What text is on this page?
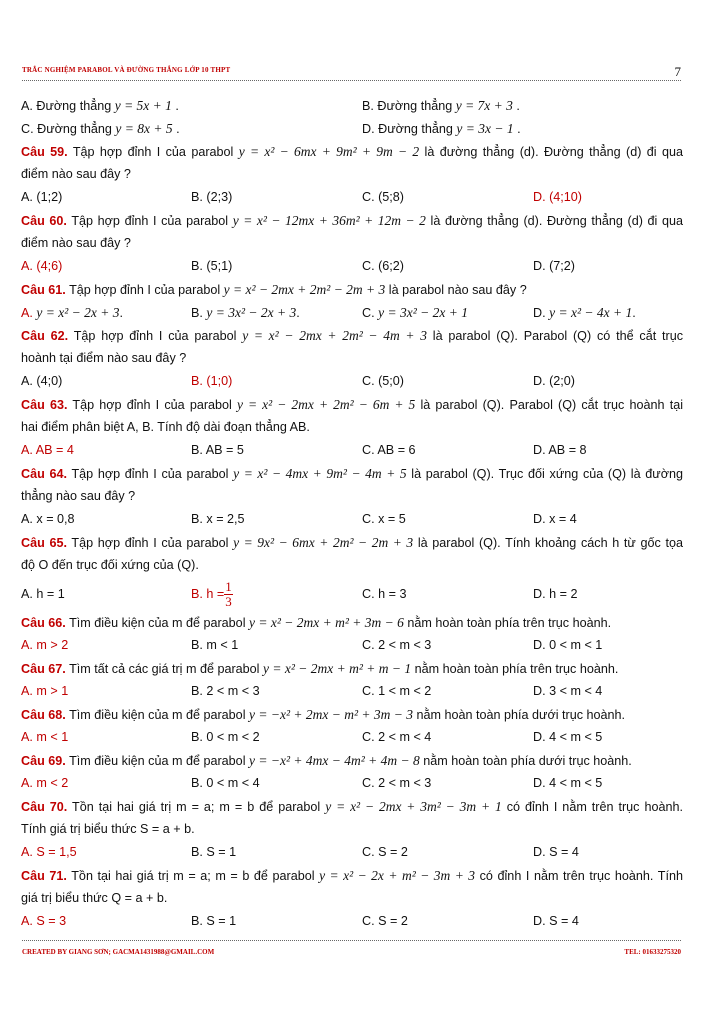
TRẮC NGHIỆM PARABOL VÀ ĐƯỜNG THẲNG LỚP 10 THPT	7
A. Đường thẳng y = 5x + 1 .	B. Đường thẳng y = 7x + 3 .
C. Đường thẳng y = 8x + 5 .	D. Đường thẳng y = 3x − 1 .
Câu 59. Tập hợp đỉnh I của parabol y = x² − 6mx + 9m² + 9m − 2 là đường thẳng (d). Đường thẳng (d) đi qua
điểm nào sau đây ?
A. (1;2)	B. (2;3)	C. (5;8)	D. (4;10)
Câu 60. Tập hợp đỉnh I của parabol y = x² − 12mx + 36m² + 12m − 2 là đường thẳng (d). Đường thẳng (d) đi qua
điểm nào sau đây ?
A. (4;6)	B. (5;1)	C. (6;2)	D. (7;2)
Câu 61. Tập hợp đỉnh I của parabol y = x² − 2mx + 2m² − 2m + 3 là parabol nào sau đây ?
A. y = x² − 2x + 3.	B. y = 3x² − 2x + 3.	C. y = 3x² − 2x + 1	D. y = x² − 4x + 1.
Câu 62. Tập hợp đỉnh I của parabol y = x² − 2mx + 2m² − 4m + 3 là parabol (Q). Parabol (Q) có thể cắt trục
hoành tại điểm nào sau đây ?
A. (4;0)	B. (1;0)	C. (5;0)	D. (2;0)
Câu 63. Tập hợp đỉnh I của parabol y = x² − 2mx + 2m² − 6m + 5 là parabol (Q). Parabol (Q) cắt trục hoành tại
hai điểm phân biệt A, B. Tính độ dài đoạn thẳng AB.
A. AB = 4	B. AB = 5	C. AB = 6	D. AB = 8
Câu 64. Tập hợp đỉnh I của parabol y = x² − 4mx + 9m² − 4m + 5 là parabol (Q). Trục đối xứng của (Q) là đường
thẳng nào sau đây ?
A. x = 0,8	B. x = 2,5	C. x = 5	D. x = 4
Câu 65. Tập hợp đỉnh I của parabol y = 9x² − 6mx + 2m² − 2m + 3 là parabol (Q). Tính khoảng cách h từ gốc tọa
độ O đến trục đối xứng của (Q).
A. h = 1	B. $h = \frac{1}{3}$	C. h = 3	D. h = 2
Câu 66. Tìm điều kiện của m để parabol y = x² − 2mx + m² + 3m − 6 nằm hoàn toàn phía trên trục hoành.
A. m > 2	B. m < 1	C. 2 < m < 3	D. 0 < m < 1
Câu 67. Tìm tất cả các giá trị m để parabol y = x² − 2mx + m² + m − 1 nằm hoàn toàn phía trên trục hoành.
A. m > 1	B. 2 < m < 3	C. 1 < m < 2	D. 3 < m < 4
Câu 68. Tìm điều kiện của m để parabol y = −x² + 2mx − m² + 3m − 3 nằm hoàn toàn phía dưới trục hoành.
A. m < 1	B. 0 < m < 2	C. 2 < m < 4	D. 4 < m < 5
Câu 69. Tìm điều kiện của m để parabol y = −x² + 4mx − 4m² + 4m − 8 nằm hoàn toàn phía dưới trục hoành.
A. m < 2	B. 0 < m < 4	C. 2 < m < 3	D. 4 < m < 5
Câu 70. Tồn tại hai giá trị m = a; m = b để parabol y = x² − 2mx + 3m² − 3m + 1 có đỉnh I nằm trên trục hoành.
Tính giá trị biểu thức S = a + b.
A. S = 1,5	B. S = 1	C. S = 2	D. S = 4
Câu 71. Tồn tại hai giá trị m = a; m = b để parabol y = x² − 2x + m² − 3m + 3 có đỉnh I nằm trên trục hoành. Tính
giá trị biểu thức Q = a + b.
A. S = 3	B. S = 1	C. S = 2	D. S = 4
CREATED BY GIANG SƠN; GACMA1431988@GMAIL.COM	TEL: 01633275320
